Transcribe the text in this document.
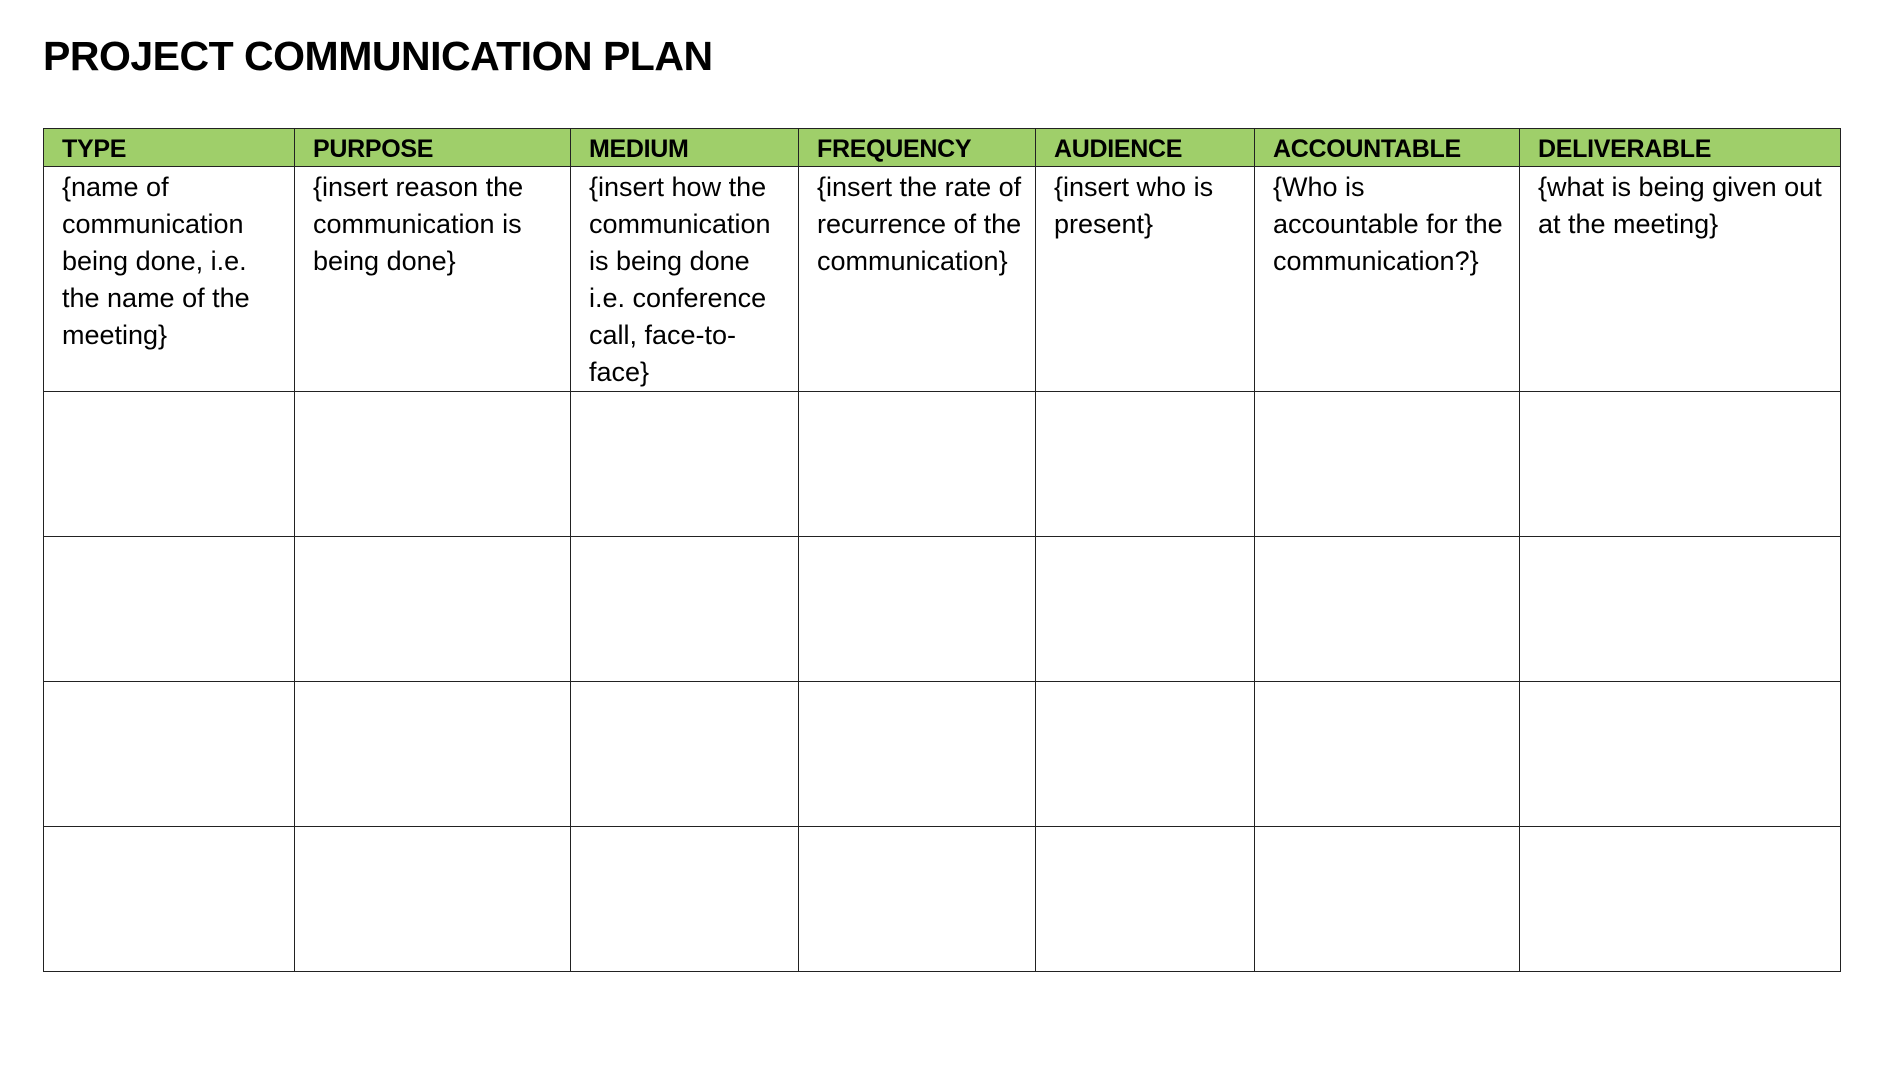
PROJECT COMMUNICATION PLAN
TYPE	PURPOSE	MEDIUM	FREQUENCY	AUDIENCE	ACCOUNTABLE	DELIVERABLE
{name of communication being done, i.e. the name of the meeting}	{insert reason the communication is being done}	{insert how the communication is being done i.e. conference call, face-to-face}	{insert the rate of recurrence of the communication}	{insert who is present}	{Who is accountable for the communication?}	{what is being given out at the meeting}
